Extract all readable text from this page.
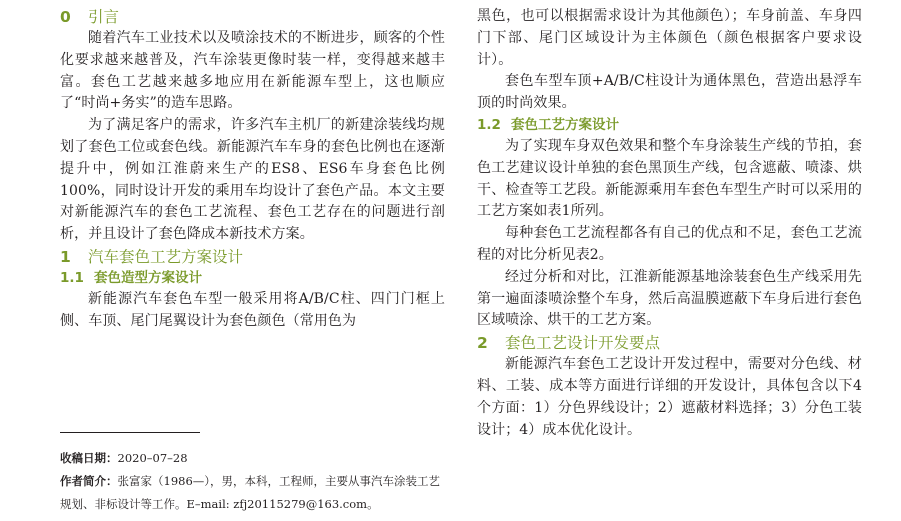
0 引言

随着汽车工业技术以及喷涂技术的不断进步，顾客的个性化要求越来越普及，汽车涂装更像时装一样，变得越来越丰富。套色工艺越来越多地应用在新能源车型上，这也顺应了“时尚+务实”的造车思路。

为了满足客户的需求，许多汽车主机厂的新建涂装线均规划了套色工位或套色线。新能源汽车车身的套色比例也在逐渐提升中，例如江淮蔚来生产的ES8、ES6车身套色比例100%，同时设计开发的乘用车均设计了套色产品。本文主要对新能源汽车的套色工艺流程、套色工艺存在的问题进行剖析，并且设计了套色降成本新技术方案。

1 汽车套色工艺方案设计
1.1 套色造型方案设计

新能源汽车套色车型一般采用将A/B/C柱、四门门框上侧、车顶、尾门尾翼设计为套色颜色（常用色为

收稿日期：2020–07–28

作者简介：张富家（1986—），男，本科，工程师，主要从事汽车涂装工艺规划、非标设计等工作。E–mail: zfj20115279@163.com。

黑色，也可以根据需求设计为其他颜色）；车身前盖、车身四门下部、尾门区域设计为主体颜色（颜色根据客户要求设计）。

套色车型车顶+A/B/C柱设计为通体黑色，营造出悬浮车顶的时尚效果。

1.2 套色工艺方案设计

为了实现车身双色效果和整个车身涂装生产线的节拍，套色工艺建议设计单独的套色黑顶生产线，包含遮蔽、喷漆、烘干、检查等工艺段。新能源乘用车套色车型生产时可以采用的工艺方案如表1所列。

每种套色工艺流程都各有自己的优点和不足，套色工艺流程的对比分析见表2。

经过分析和对比，江淮新能源基地涂装套色生产线采用先第一遍面漆喷涂整个车身，然后高温膜遮蔽下车身后进行套色区域喷涂、烘干的工艺方案。

2 套色工艺设计开发要点

新能源汽车套色工艺设计开发过程中，需要对分色线、材料、工装、成本等方面进行详细的开发设计，具体包含以下4个方面：1）分色界线设计；2）遮蔽材料选择；3）分色工装设计；4）成本优化设计。
